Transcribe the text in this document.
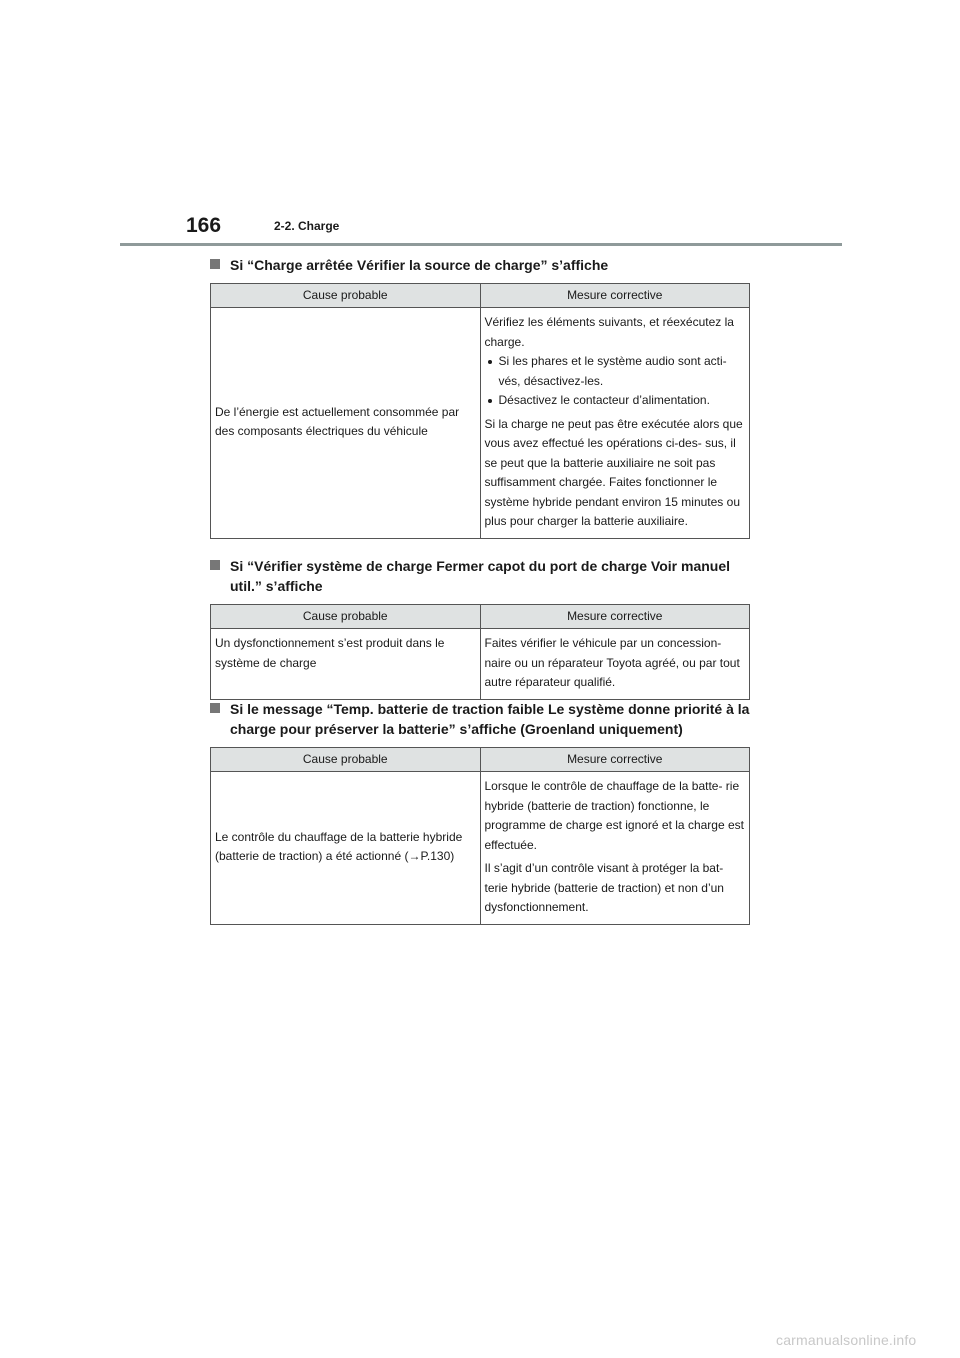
166	2-2. Charge
Si “Charge arrêtée Vérifier la source de charge” s’affiche
Cause probable	Mesure corrective
De l’énergie est actuellement consommée par des composants électriques du véhicule	Vérifiez les éléments suivants, et réexécutez la charge.
Si les phares et le système audio sont acti- vés, désactivez-les.
Désactivez le contacteur d’alimentation.
Si la charge ne peut pas être exécutée alors que vous avez effectué les opérations ci-des- sus, il se peut que la batterie auxiliaire ne soit pas suffisamment chargée. Faites fonctionner le système hybride pendant environ 15 minutes ou plus pour charger la batterie auxiliaire.
Si “Vérifier système de charge Fermer capot du port de charge Voir manuel util.” s’affiche
Cause probable	Mesure corrective
Un dysfonctionnement s’est produit dans le système de charge	Faites vérifier le véhicule par un concession- naire ou un réparateur Toyota agréé, ou par tout autre réparateur qualifié.
Si le message “Temp. batterie de traction faible Le système donne priorité à la charge pour préserver la batterie” s’affiche (Groenland uniquement)
Cause probable	Mesure corrective
Le contrôle du chauffage de la batterie hybride (batterie de traction) a été actionné (→P.130)	Lorsque le contrôle de chauffage de la batte- rie hybride (batterie de traction) fonctionne, le programme de charge est ignoré et la charge est effectuée.
Il s’agit d’un contrôle visant à protéger la bat- terie hybride (batterie de traction) et non d’un dysfonctionnement.
carmanualsonline.info
